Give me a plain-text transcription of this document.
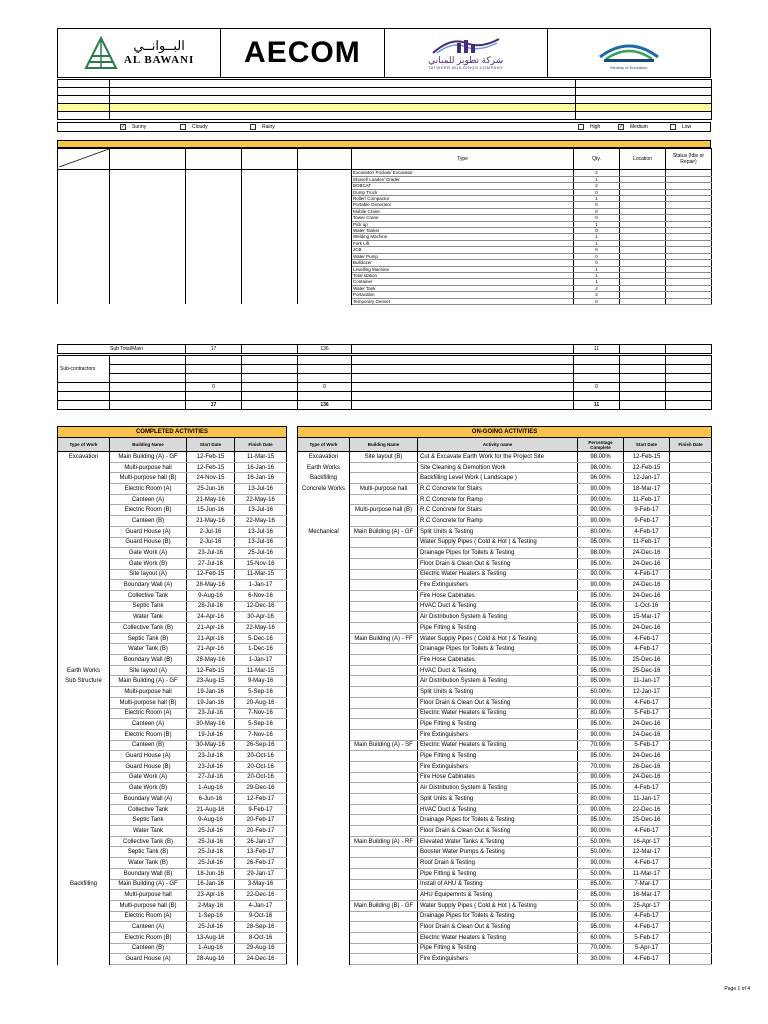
البــوانــي
AL BAWANI AECOM	شركة تطوير للمباني
TATWEER BUILDINGS COMPANY	Ministry of Education

✓ Sunny	Cloudy	Rainy	High	✓ Medium	Low
					Type	Qty.	Location	Status (Idle or Repair)
					Excavator/ Poclain/ Excavator	2		
					Shovel/ Loader/ Grader	1		
					BOBCAT	2		
					Dump Truck	0		
					Roller/ Compactor	1		
					Portable Generator	0		
					Mobile Crane	0		
					Tower Crane	0		
					Pick up	1		
					Water Tanker	0		
					Welding Machine	1		
					Fork Lift	1		
					JCB	0		
					Water Pump	0		
					Bulldozer	0		
					Levelling Machine	1		
					Total station	1		
					Container	1		
					Water Tank	4		
					Portacabin	2		
					Temporary Genset	0		
Sub Total/Main	17		136		11		
Sub-contractors								

		0		0		0		

		17		136		11		
COMPLETED ACTIVITIES			
Type of Work	Building Name	Start Date	Finish Date
Excavation	Main Building (A) - GF	12-Feb-15	11-Mar-15
	Multi-purpose hall	12-Feb-15	16-Jan-16
	Multi-purpose hall (B)	24-Nov-15	16-Jan-16
	Electric Room (A)	25-Jun-16	13-Jul-16
	Canteen (A)	21-May-16	22-May-16
	Electric Room (B)	15-Jun-16	13-Jul-16
	Canteen (B)	21-May-16	22-May-16
	Guard House (A)	2-Jul-16	13-Jul-16
	Guard House (B)	2-Jul-16	13-Jul-16
	Gate Work (A)	23-Jul-16	25-Jul-16
	Gate Work (B)	27-Jul-16	15-Nov-16
	Site layout (A)	12-Feb-15	11-Mar-15
	Boundary Wall (A)	28-May-16	1-Jan-17
	Collective Tank	9-Aug-16	6-Nov-16
	Septic Tank	28-Jul-16	12-Dec-16
	Water Tank	24-Apr-16	30-Apr-16
	Collective Tank (B)	21-Apr-16	22-May-16
	Septic Tank (B)	21-Apr-16	5-Dec-16
	Water Tank (B)	21-Apr-16	1-Dec-16
	Boundary Wall (B)	28-May-16	1-Jan-17
Earth Works	Site layout (A)	12-Feb-15	11-Mar-15
Sub Structure	Main Building (A) - GF	23-Aug-15	9-May-16
	Multi-purpose hall	19-Jan-16	5-Sep-16
	Multi-purpose hall (B)	19-Jan-16	20-Aug-16
	Electric Room (A)	23-Jul-16	7-Nov-16
	Canteen (A)	30-May-16	5-Sep-16
	Electric Room (B)	19-Jul-16	7-Nov-16
	Canteen (B)	30-May-16	26-Sep-16
	Guard House (A)	23-Jul-16	20-Oct-16
	Guard House (B)	23-Jul-16	20-Oct-16
	Gate Work (A)	27-Jul-16	20-Oct-16
	Gate Work (B)	1-Aug-16	29-Dec-16
	Boundary Wall (A)	6-Jun-16	12-Feb-17
	Collective Tank	21-Aug-16	9-Feb-17
	Septic Tank	9-Aug-16	20-Feb-17
	Water Tank	25-Jul-16	20-Feb-17
	Collective Tank (B)	25-Jul-16	26-Jan-17
	Septic Tank (B)	25-Jul-16	13-Feb-17
	Water Tank (B)	25-Jul-16	26-Feb-17
	Boundary Wall (B)	18-Jun-16	29-Jan-17
Backfilling	Main Building (A) - GF	16-Jan-16	3-May-16
	Multi-purpose hall	23-Apr-16	22-Dec-16
	Multi-purpose hall (B)	2-May-16	4-Jan-17
	Electric Room (A)	1-Sep-16	9-Oct-16
	Canteen (A)	25-Jul-16	28-Sep-16
	Electric Room (B)	13-Aug-16	8-Oct-16
	Canteen (B)	1-Aug-16	29-Aug-16
	Guard House (A)	28-Aug-16	24-Dec-16
ON-GOING ACTIVITIES					
Type of Work	Building Name	Activity name	Percentage Complete	Start Date	Finish Date
Excavation	Site layout (B)	Cut & Excavate Earth Work for the Project Site	98.00%	12-Feb-15	
Earth Works		Site Cleaning & Demoltion Work	98.00%	12-Feb-15	
Backfilling		Backfilling Level Work ( Landscape )	96.00%	12-Jan-17	
Concrete Works	Multi-purpose hall	R.C Concrete for Stairs	90.00%	18-Mar-17	
		R.C Concrete for Ramp	90.00%	11-Feb-17	
	Multi-purpose hall (B)	R.C Concrete for Stairs	90.00%	9-Feb-17	
		R.C Concrete for Ramp	90.00%	9-Feb-17	
Mechanical	Main Building (A) - GF	Split Units & Testing	80.00%	4-Feb-17	
		Water Supply Pipes ( Cold & Hot ) & Testing	95.00%	11-Feb-17	
		Drainage Pipes for Toilets & Testing	98.00%	24-Dec-16	
		Floor Drain & Clean Out & Testing	95.00%	24-Dec-16	
		Electric Water Heaters & Testing	90.00%	4-Feb-17	
		Fire Extinguishers	90.00%	24-Dec-16	
		Fire Hose Cabinates	95.00%	24-Dec-16	
		HVAC Duct & Testing	95.00%	1-Oct-16	
		Air Distribution System & Testing	95.00%	15-Mar-17	
		Pipe Fitting & Testing	95.00%	24-Dec-16	
	Main Building (A) - FF	Water Supply Pipes ( Cold & Hot ) & Testing	95.00%	4-Feb-17	
		Drainage Pipes for Toilets & Testing	95.00%	4-Feb-17	
		Fire Hose Cabinates	95.00%	25-Dec-16	
		HVAC Duct & Testing	95.00%	25-Dec-16	
		Air Distribution System & Testing	95.00%	11-Jan-17	
		Split Units & Testing	60.00%	12-Jan-17	
		Floor Drain & Clean Out & Testing	90.00%	4-Feb-17	
		Electric Water Heaters & Testing	80.00%	5-Feb-17	
		Pipe Fitting & Testing	95.00%	24-Dec-16	
		Fire Extinguishers	90.00%	24-Dec-16	
	Main Building (A) - SF	Electric Water Heaters & Testing	70.00%	5-Feb-17	
		Pipe Fitting & Testing	95.00%	24-Dec-16	
		Fire Extinguishers	70.00%	26-Dec-16	
		Fire Hose Cabinates	90.00%	24-Dec-16	
		Air Distribution System & Testing	95.00%	4-Feb-17	
		Split Units & Testing	80.00%	11-Jan-17	
		HVAC Duct & Testing	90.00%	22-Dec-16	
		Drainage Pipes for Toilets & Testing	95.00%	25-Dec-16	
		Floor Drain & Clean Out & Testing	90.00%	4-Feb-17	
	Main Building (A) - RF	Elevated Water Tanks & Testing	50.00%	16-Apr-17	
		Booster Water Pumps & Testing	50.00%	12-Mar-17	
		Roof Drain & Testing	90.00%	4-Feb-17	
		Pipe Fitting & Testing	50.00%	11-Mar-17	
		Install of AHU & Testing	85.00%	7-Mar-17	
		AHU Equipemnts & Testing	85.00%	16-Mar-17	
	Main Building (B) - GF	Water Supply Pipes ( Cold & Hot ) & Testing	50.00%	25-Apr-17	
		Drainage Pipes for Toilets & Testing	95.00%	4-Feb-17	
		Floor Drain & Clean Out & Testing	95.00%	4-Feb-17	
		Electric Water Heaters & Testing	60.00%	5-Feb-17	
		Pipe Fitting & Testing	70.00%	5-Apr-17	
		Fire Extinguishers	30.00%	4-Feb-17	
Page 1 of 4
